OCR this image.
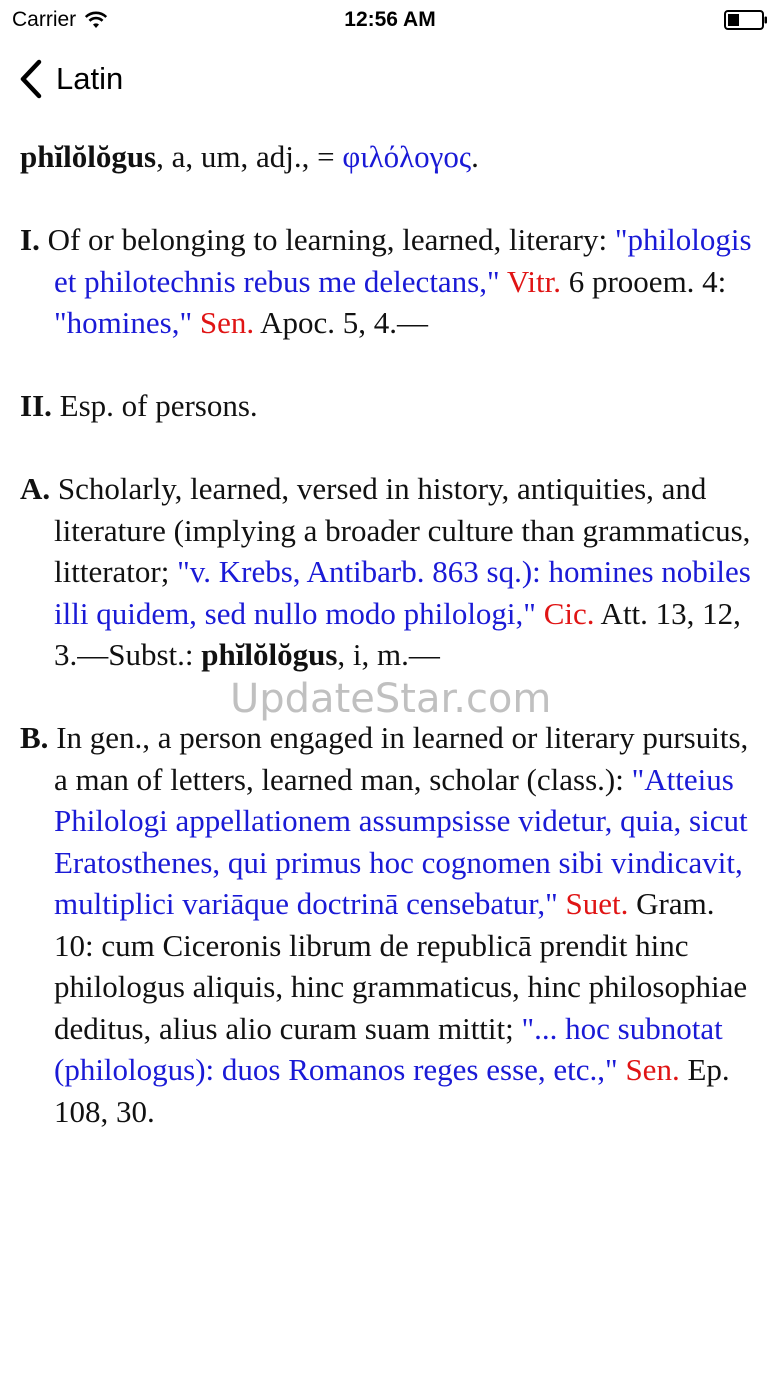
Carrier	12:56 AM
Latin

phĭlŏlŏgus, a, um, adj., = φιλόλογος.

I. Of or belonging to learning, learned, literary: "philologis et philotechnis rebus me delectans," Vitr. 6 prooem. 4: "homines," Sen. Apoc. 5, 4.—

II. Esp. of persons.

A. Scholarly, learned, versed in history, antiquities, and literature (implying a broader culture than grammaticus, litterator; "v. Krebs, Antibarb. 863 sq.): homines nobiles illi quidem, sed nullo modo philologi," Cic. Att. 13, 12, 3.—Subst.: phĭlŏlŏgus, i, m.—

B. In gen., a person engaged in learned or literary pursuits, a man of letters, learned man, scholar (class.): "Atteius Philologi appellationem assumpsisse videtur, quia, sicut Eratosthenes, qui primus hoc cognomen sibi vindicavit, multiplici variāque doctrinā censebatur," Suet. Gram. 10: cum Ciceronis librum de republicā prendit hinc philologus aliquis, hinc grammaticus, hinc philosophiae deditus, alius alio curam suam mittit; "... hoc subnotat (philologus): duos Romanos reges esse, etc.," Sen. Ep. 108, 30.

UpdateStar.com
